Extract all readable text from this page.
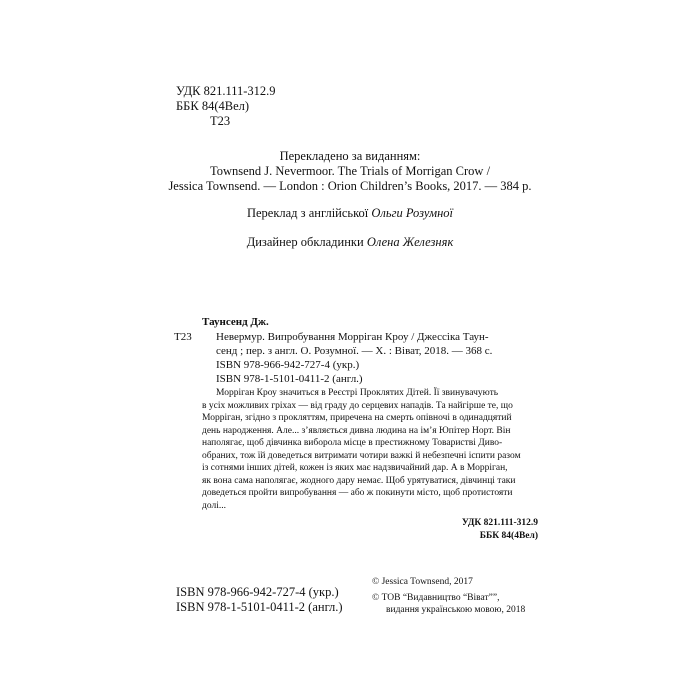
УДК 821.111-312.9
ББК 84(4Вел)
Т23
Перекладено за виданням:
Townsend J. Nevermoor. The Trials of Morrigan Crow /
Jessica Townsend. — London : Orion Children’s Books, 2017. — 384 p.
Переклад з англійської Ольги Розумної
Дизайнер обкладинки Олена Железняк
Таунсенд Дж.
Т23 Невермур. Випробування Морріган Кроу / Джессіка Таун-
сенд ; пер. з англ. О. Розумної. — Х. : Віват, 2018. — 368 с.
ISBN 978-966-942-727-4 (укр.)
ISBN 978-1-5101-0411-2 (англ.)
Морріган Кроу значиться в Реєстрі Проклятих Дітей. Її звинувачують
в усіх можливих гріхах — від граду до серцевих нападів. Та найгірше те, що
Морріган, згідно з прокляттям, приречена на смерть опівночі в одинадцятий
день народження. Але... з’являється дивна людина на ім’я Юпітер Норт. Він
наполягає, щоб дівчинка виборола місце в престижному Товаристві Диво-
обраних, тож їй доведеться витримати чотири важкі й небезпечні іспити разом
із сотнями інших дітей, кожен із яких має надзвичайний дар. А в Морріган,
як вона сама наполягає, жодного дару немає. Щоб урятуватися, дівчинці таки
доведеться пройти випробування — або ж покинути місто, щоб протистояти
долі...
УДК 821.111-312.9
ББК 84(4Вел)
ISBN 978-966-942-727-4 (укр.)
ISBN 978-1-5101-0411-2 (англ.)
© Jessica Townsend, 2017
© ТОВ “Видавництво “Віват””,
видання українською мовою, 2018
